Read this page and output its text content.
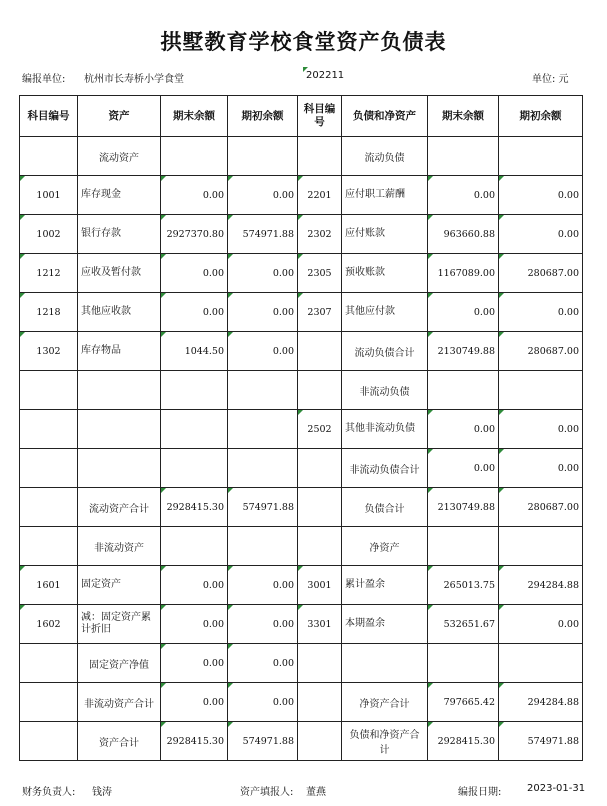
拱墅教育学校食堂资产负债表
编报单位: 杭州市长寿桥小学食堂	202211	单位: 元
科目编号	资产	期末余额	期初余额	科目编号	负债和净资产	期末余额	期初余额
	流动资产				流动负债		
1001	库存现金	0.00	0.00	2201	应付职工薪酬	0.00	0.00
1002	银行存款	2927370.80	574971.88	2302	应付账款	963660.88	0.00
1212	应收及暂付款	0.00	0.00	2305	预收账款	1167089.00	280687.00
1218	其他应收款	0.00	0.00	2307	其他应付款	0.00	0.00
1302	库存物品	1044.50	0.00		流动负债合计	2130749.88	280687.00
					非流动负债		
				2502	其他非流动负债	0.00	0.00
					非流动负债合计	0.00	0.00
	流动资产合计	2928415.30	574971.88		负债合计	2130749.88	280687.00
	非流动资产				净资产		
1601	固定资产	0.00	0.00	3001	累计盈余	265013.75	294284.88
1602	减：固定资产累计折旧	0.00	0.00	3301	本期盈余	532651.67	0.00
	固定资产净值	0.00	0.00				
	非流动资产合计	0.00	0.00		净资产合计	797665.42	294284.88
	资产合计	2928415.30	574971.88		负债和净资产合计	2928415.30	574971.88
财务负责人: 钱涛	资产填报人: 董燕	编报日期:	2023-01-31
